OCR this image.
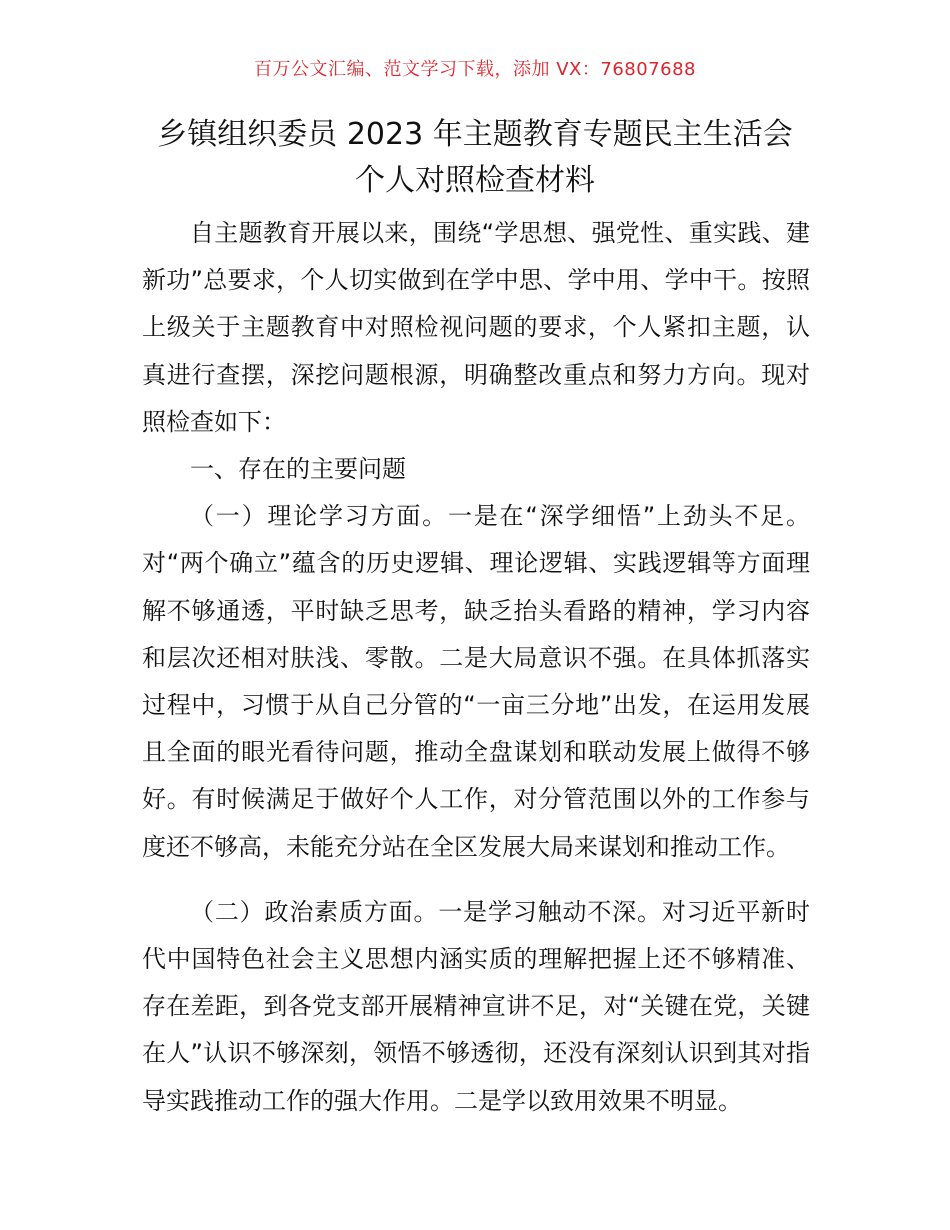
百万公文汇编、范文学习下载，添加 VX：76807688
乡镇组织委员 2023 年主题教育专题民主生活会
个人对照检查材料

自主题教育开展以来，围绕“学思想、强党性、重实践、建新功”总要求，个人切实做到在学中思、学中用、学中干。按照上级关于主题教育中对照检视问题的要求，个人紧扣主题，认真进行查摆，深挖问题根源，明确整改重点和努力方向。现对照检查如下：

一、存在的主要问题

（一）理论学习方面。一是在“深学细悟”上劲头不足。对“两个确立”蕴含的历史逻辑、理论逻辑、实践逻辑等方面理解不够通透，平时缺乏思考，缺乏抬头看路的精神，学习内容和层次还相对肤浅、零散。二是大局意识不强。在具体抓落实过程中，习惯于从自己分管的“一亩三分地”出发，在运用发展且全面的眼光看待问题，推动全盘谋划和联动发展上做得不够好。有时候满足于做好个人工作，对分管范围以外的工作参与度还不够高，未能充分站在全区发展大局来谋划和推动工作。

（二）政治素质方面。一是学习触动不深。对习近平新时代中国特色社会主义思想内涵实质的理解把握上还不够精准、存在差距，到各党支部开展精神宣讲不足，对“关键在党，关键在人”认识不够深刻，领悟不够透彻，还没有深刻认识到其对指导实践推动工作的强大作用。二是学以致用效果不明显。
